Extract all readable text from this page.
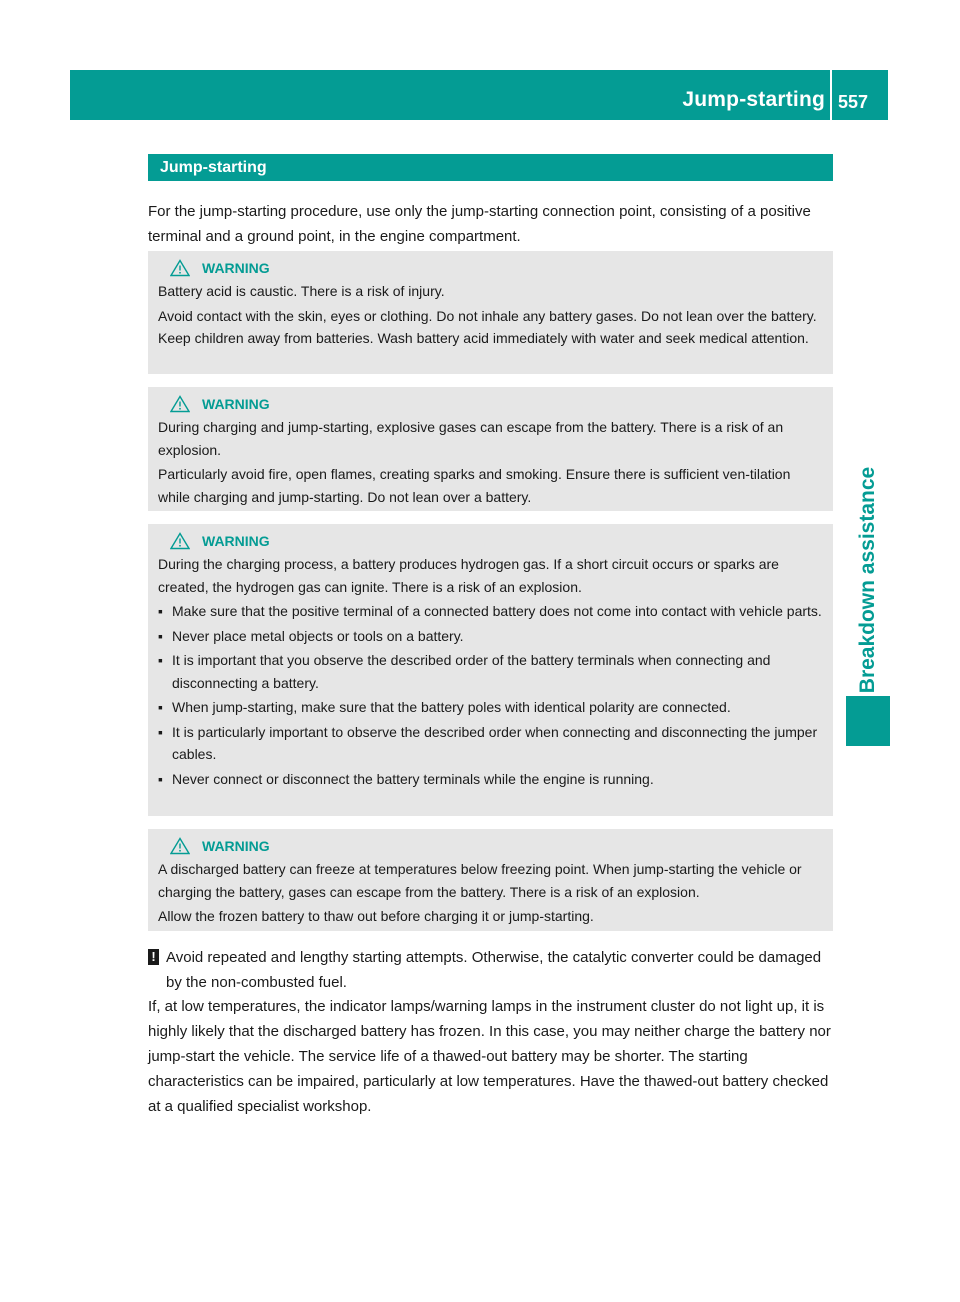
Jump-starting 557
Breakdown assistance
Jump-starting

For the jump-starting procedure, use only the jump-starting connection point, consisting of a positive terminal and a ground point, in the engine compartment.

WARNING

Battery acid is caustic. There is a risk of injury.

Avoid contact with the skin, eyes or clothing. Do not inhale any battery gases. Do not lean over the battery. Keep children away from batteries. Wash battery acid immediately with water and seek medical attention.

WARNING

During charging and jump-starting, explosive gases can escape from the battery. There is a risk of an explosion.

Particularly avoid fire, open flames, creating sparks and smoking. Ensure there is sufficient ven-tilation while charging and jump-starting. Do not lean over a battery.

WARNING

During the charging process, a battery produces hydrogen gas. If a short circuit occurs or sparks are created, the hydrogen gas can ignite. There is a risk of an explosion.

▪ Make sure that the positive terminal of a connected battery does not come into contact with vehicle parts.
▪ Never place metal objects or tools on a battery.
▪ It is important that you observe the described order of the battery terminals when connecting and disconnecting a battery.
▪ When jump-starting, make sure that the battery poles with identical polarity are connected.
▪ It is particularly important to observe the described order when connecting and disconnecting the jumper cables.
▪ Never connect or disconnect the battery terminals while the engine is running.
WARNING

A discharged battery can freeze at temperatures below freezing point. When jump-starting the vehicle or charging the battery, gases can escape from the battery. There is a risk of an explosion.

Allow the frozen battery to thaw out before charging it or jump-starting.

! Avoid repeated and lengthy starting attempts. Otherwise, the catalytic converter could be damaged by the non-combusted fuel.

If, at low temperatures, the indicator lamps/warning lamps in the instrument cluster do not light up, it is highly likely that the discharged battery has frozen. In this case, you may neither charge the battery nor jump-start the vehicle. The service life of a thawed-out battery may be shorter. The starting characteristics can be impaired, particularly at low temperatures. Have the thawed-out battery checked at a qualified specialist workshop.
